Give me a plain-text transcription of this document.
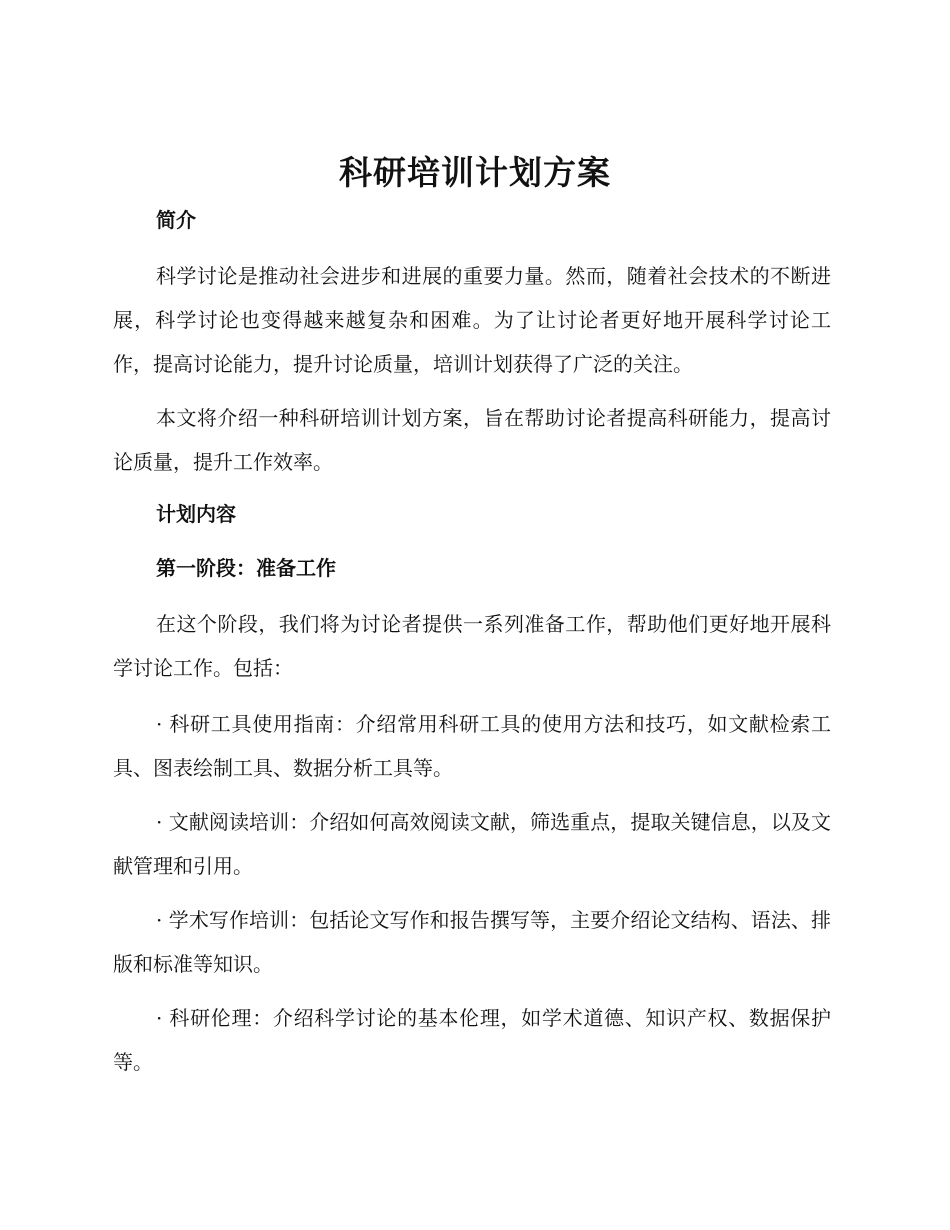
科研培训计划方案

简介

科学讨论是推动社会进步和进展的重要力量。然而，随着社会技术的不断进展，科学讨论也变得越来越复杂和困难。为了让讨论者更好地开展科学讨论工作，提高讨论能力，提升讨论质量，培训计划获得了广泛的关注。

本文将介绍一种科研培训计划方案，旨在帮助讨论者提高科研能力，提高讨论质量，提升工作效率。

计划内容

第一阶段：准备工作

在这个阶段，我们将为讨论者提供一系列准备工作，帮助他们更好地开展科学讨论工作。包括：

· 科研工具使用指南：介绍常用科研工具的使用方法和技巧，如文献检索工具、图表绘制工具、数据分析工具等。

· 文献阅读培训：介绍如何高效阅读文献，筛选重点，提取关键信息，以及文献管理和引用。

· 学术写作培训：包括论文写作和报告撰写等，主要介绍论文结构、语法、排版和标准等知识。

· 科研伦理：介绍科学讨论的基本伦理，如学术道德、知识产权、数据保护等。
